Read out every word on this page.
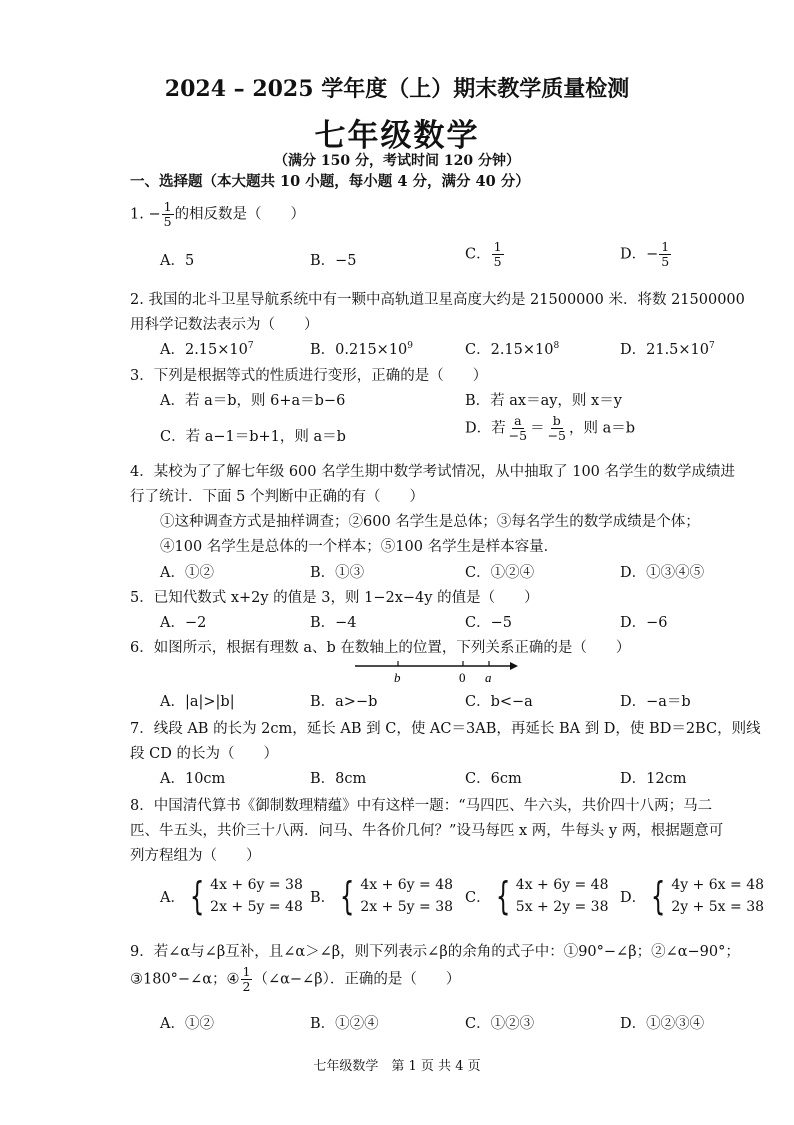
2024 – 2025 学年度（上）期末教学质量检测
七年级数学
（满分 150 分，考试时间 120 分钟）
一、选择题（本大题共 10 小题，每小题 4 分，满分 40 分）
1. − $\frac{1}{5}$ 的相反数是（　　）
A．5	B．−5	C． $\frac{1}{5}$	D．− $\frac{1}{5}$
2. 我国的北斗卫星导航系统中有一颗中高轨道卫星高度大约是 21500000 米．将数 21500000
用科学记数法表示为（　　）
A．$2.15\times 10^7$	B．$0.215\times 10^9$	C．$2.15\times 10^8$	D．$21.5\times 10^7$
3．下列是根据等式的性质进行变形，正确的是（　　）
A．若 a＝b，则 6+a＝b−6	B．若 ax＝ay，则 x＝y
C．若 a−1＝b+1，则 a＝b
D．若 $\frac{a}{-5} = \frac{b}{-5}$ ，则 a＝b
4．某校为了了解七年级 600 名学生期中数学考试情况，从中抽取了 100 名学生的数学成绩进
行了统计．下面 5 个判断中正确的有（　　）
①这种调查方式是抽样调查；②600 名学生是总体；③每名学生的数学成绩是个体；
④100 名学生是总体的一个样本；⑤100 名学生是样本容量．
A．①②	B．①③	C．①②④	D．①③④⑤
5．已知代数式 x+2y 的值是 3，则 1−2x−4y 的值是（　　）
A．−2	B．−4	C．−5	D．−6
6．如图所示，根据有理数 a、b 在数轴上的位置，下列关系正确的是（　　）
b	0 a
A．|a|>|b|	B．a>−b	C．b<−a	D．−a＝b
7．线段 AB 的长为 2cm，延长 AB 到 C，使 AC＝3AB，再延长 BA 到 D，使 BD＝2BC，则线
段 CD 的长为（　　）
A．10cm	B．8cm	C．6cm	D．12cm
8．中国清代算书《御制数理精蕴》中有这样一题：“马四匹、牛六头，共价四十八两；马二
匹、牛五头，共价三十八两．问马、牛各价几何？”设马每匹 x 两，牛每头 y 两，根据题意可
列方程组为（　　）
A． { 4x + 6y = 38
2x + 5y = 48
B． { 4x + 6y = 48
2x + 5y = 38
C． { 4x + 6y = 48
5x + 2y = 38
D． { 4y + 6x = 48
2y + 5x = 38
9．若∠α与∠β互补，且∠α＞∠β，则下列表示∠β的余角的式子中：①90°−∠β；②∠α−90°；
③180°−∠α；④ $\frac{1}{2}$ （∠α−∠β）．正确的是（　　）
A．①②	B．①②④	C．①②③	D．①②③④
七年级数学　第 1 页 共 4 页
